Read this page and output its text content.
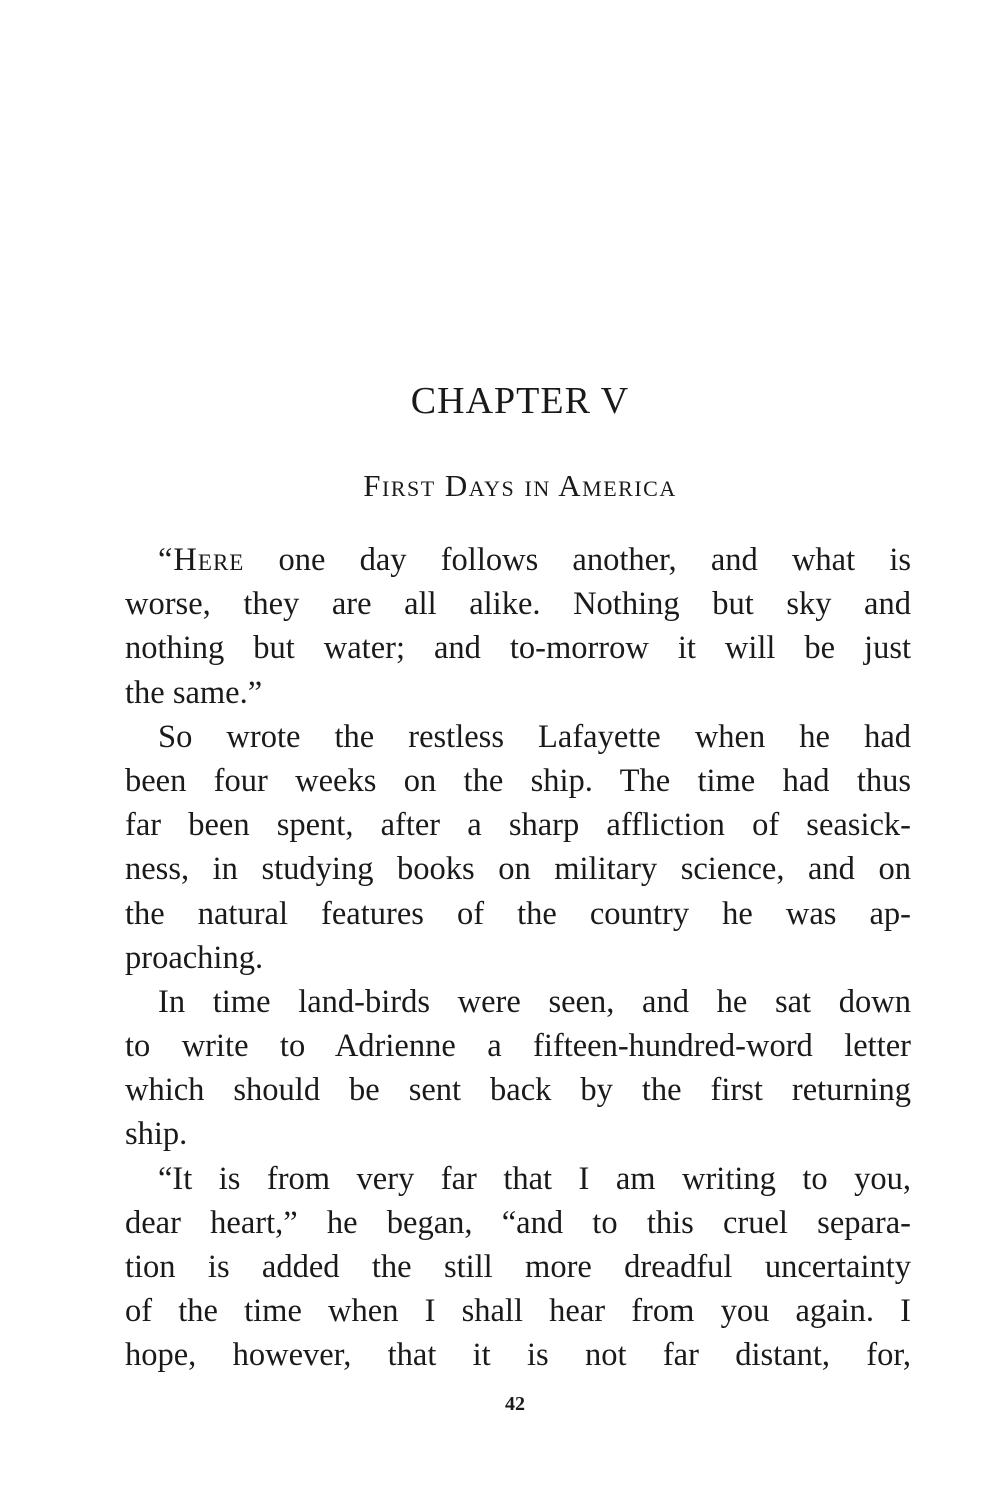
CHAPTER V
First Days in America
“Here one day follows another, and what is
worse, they are all alike. Nothing but sky and
nothing but water; and to-morrow it will be just
the same.”
So wrote the restless Lafayette when he had
been four weeks on the ship. The time had thus
far been spent, after a sharp affliction of seasick-
ness, in studying books on military science, and on
the natural features of the country he was ap-
proaching.
In time land-birds were seen, and he sat down
to write to Adrienne a fifteen-hundred-word letter
which should be sent back by the first returning
ship.
“It is from very far that I am writing to you,
dear heart,” he began, “and to this cruel separa-
tion is added the still more dreadful uncertainty
of the time when I shall hear from you again. I
hope, however, that it is not far distant, for,
42
